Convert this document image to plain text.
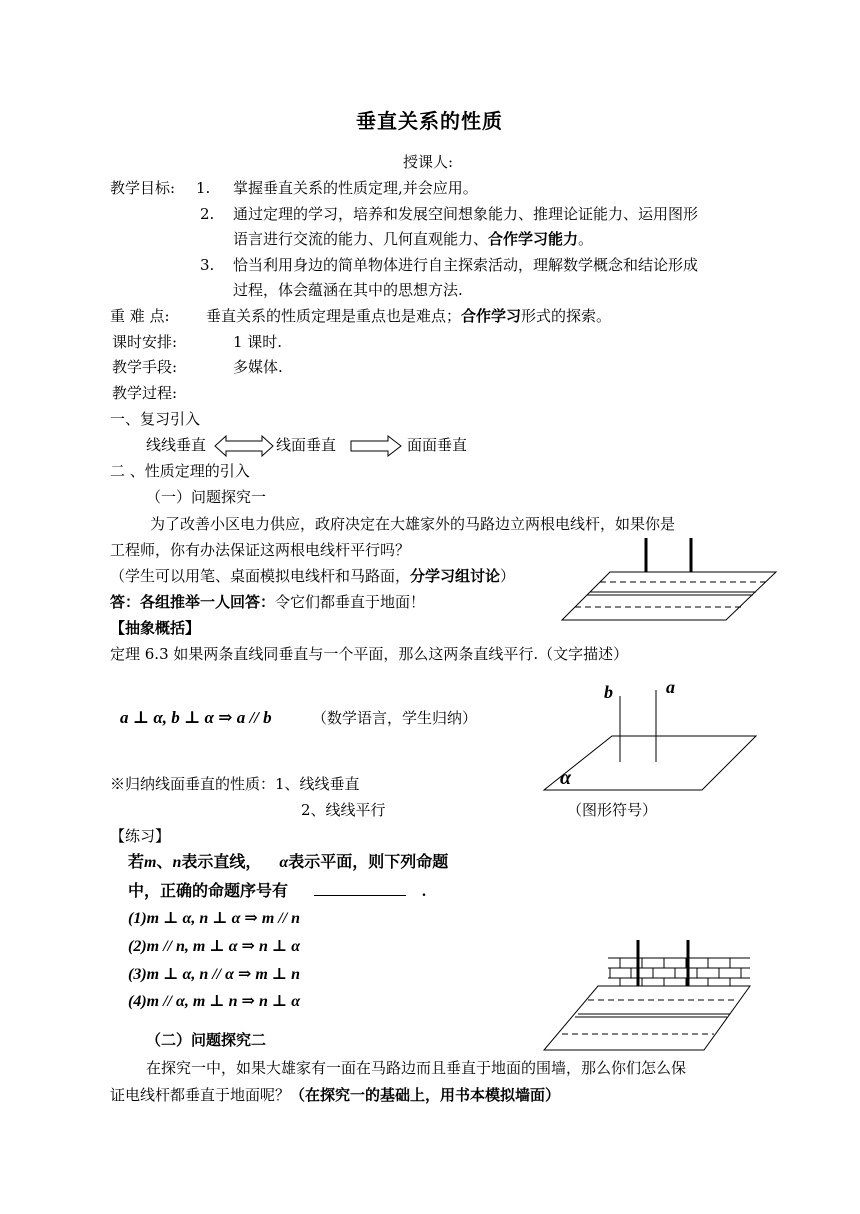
垂直关系的性质
授课人:
教学目标: 1. 掌握垂直关系的性质定理,并会应用。
2. 通过定理的学习，培养和发展空间想象能力、推理论证能力、运用图形
语言进行交流的能力、几何直观能力、合作学习能力。
3. 恰当利用身边的简单物体进行自主探索活动，理解数学概念和结论形成
过程，体会蕴涵在其中的思想方法.
重 难 点: 垂直关系的性质定理是重点也是难点；合作学习形式的探索。
课时安排:	1 课时.
教学手段:	多媒体.
教学过程:
一、复习引入
线线垂直	线面垂直	面面垂直
二 、性质定理的引入
（一）问题探究一
为了改善小区电力供应，政府决定在大雄家外的马路边立两根电线杆，如果你是
工程师，你有办法保证这两根电线杆平行吗？
（学生可以用笔、桌面模拟电线杆和马路面，分学习组讨论）
答：各组推举一人回答：令它们都垂直于地面！
【抽象概括】
定理 6.3 如果两条直线同垂直与一个平面，那么这两条直线平行.（文字描述）
a ⊥ α, b ⊥ α ⇒ a // b	（数学语言，学生归纳）
b	a
α
※归纳线面垂直的性质：1、线线垂直
2、线线平行	（图形符号）
【练习】
若m、n表示直线， α表示平面，则下列命题
中，正确的命题序号有	.
(1)m ⊥ α, n ⊥ α ⇒ m // n
(2)m // n, m ⊥ α ⇒ n ⊥ α
(3)m ⊥ α, n // α ⇒ m ⊥ n
(4)m // α, m ⊥ n ⇒ n ⊥ α
（二）问题探究二
在探究一中，如果大雄家有一面在马路边而且垂直于地面的围墙，那么你们怎么保
证电线杆都垂直于地面呢？（在探究一的基础上，用书本模拟墙面）
